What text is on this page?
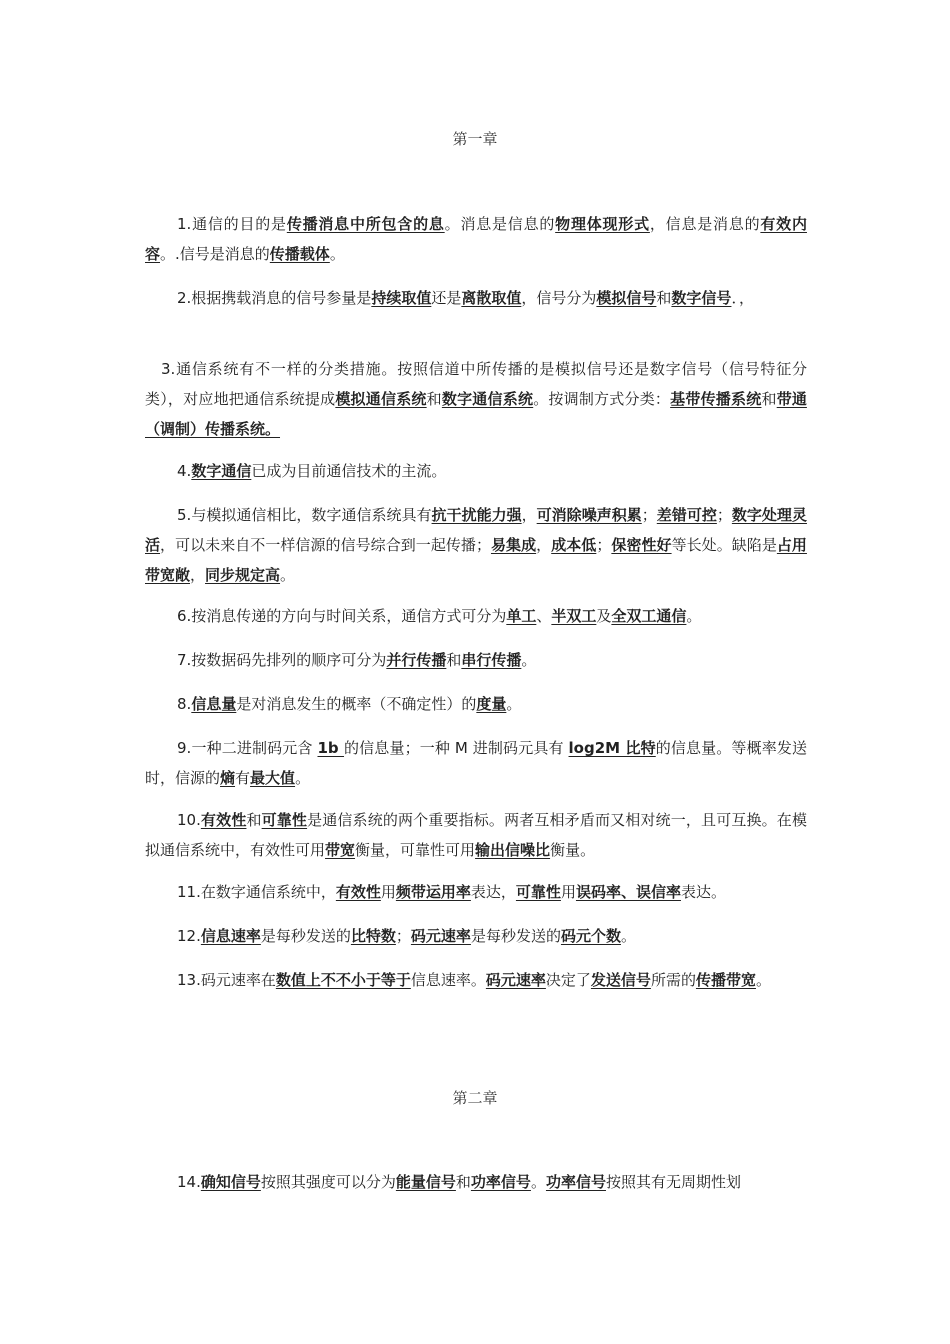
第一章

1.通信的目的是传播消息中所包含的息。消息是信息的物理体现形式，信息是消息的有效内容。.信号是消息的传播载体。

2.根据携载消息的信号参量是持续取值还是离散取值，信号分为模拟信号和数字信号．，

3.通信系统有不一样的分类措施。按照信道中所传播的是模拟信号还是数字信号（信号特征分类），对应地把通信系统提成模拟通信系统和数字通信系统。按调制方式分类：基带传播系统和带通（调制）传播系统。

4.数字通信已成为目前通信技术的主流。

5.与模拟通信相比，数字通信系统具有抗干扰能力强，可消除噪声积累；差错可控；数字处理灵活，可以未来自不一样信源的信号综合到一起传播；易集成，成本低；保密性好等长处。缺陷是占用带宽敞，同步规定高。

6.按消息传递的方向与时间关系，通信方式可分为单工、半双工及全双工通信。

7.按数据码先排列的顺序可分为并行传播和串行传播。

8.信息量是对消息发生的概率（不确定性）的度量。

9.一种二进制码元含 1b 的信息量；一种 M 进制码元具有 log2M 比特的信息量。等概率发送时，信源的熵有最大值。

10.有效性和可靠性是通信系统的两个重要指标。两者互相矛盾而又相对统一，且可互换。在模拟通信系统中，有效性可用带宽衡量，可靠性可用输出信噪比衡量。

11.在数字通信系统中，有效性用频带运用率表达，可靠性用误码率、误信率表达。

12.信息速率是每秒发送的比特数；码元速率是每秒发送的码元个数。

13.码元速率在数值上不不小于等于信息速率。码元速率决定了发送信号所需的传播带宽。

第二章

14.确知信号按照其强度可以分为能量信号和功率信号。功率信号按照其有无周期性划
